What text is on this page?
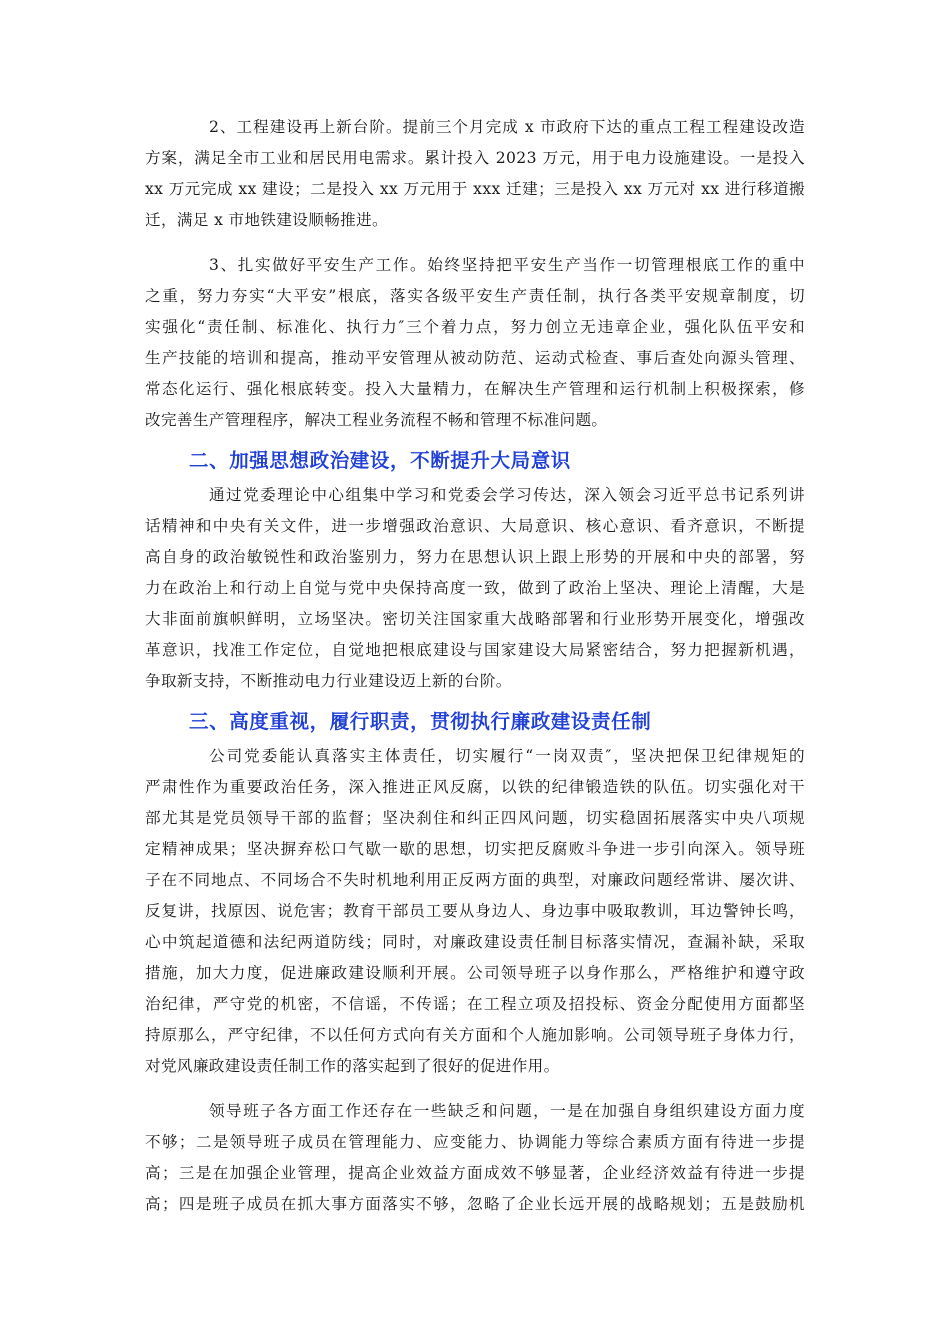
2、工程建设再上新台阶。提前三个月完成 x 市政府下达的重点工程工程建设改造
方案，满足全市工业和居民用电需求。累计投入 2023 万元，用于电力设施建设。一是投入
xx 万元完成 xx 建设；二是投入 xx 万元用于 xxx 迁建；三是投入 xx 万元对 xx 进行移道搬
迁，满足 x 市地铁建设顺畅推进。
3、扎实做好平安生产工作。始终坚持把平安生产当作一切管理根底工作的重中
之重，努力夯实“大平安”根底，落实各级平安生产责任制，执行各类平安规章制度，切
实强化“责任制、标准化、执行力″三个着力点，努力创立无违章企业，强化队伍平安和
生产技能的培训和提高，推动平安管理从被动防范、运动式检查、事后查处向源头管理、
常态化运行、强化根底转变。投入大量精力，在解决生产管理和运行机制上积极探索，修
改完善生产管理程序，解决工程业务流程不畅和管理不标准问题。
二、加强思想政治建设，不断提升大局意识
通过党委理论中心组集中学习和党委会学习传达，深入领会习近平总书记系列讲
话精神和中央有关文件，进一步增强政治意识、大局意识、核心意识、看齐意识，不断提
高自身的政治敏锐性和政治鉴别力，努力在思想认识上跟上形势的开展和中央的部署，努
力在政治上和行动上自觉与党中央保持高度一致，做到了政治上坚决、理论上清醒，大是
大非面前旗帜鲜明，立场坚决。密切关注国家重大战略部署和行业形势开展变化，增强改
革意识，找准工作定位，自觉地把根底建设与国家建设大局紧密结合，努力把握新机遇，
争取新支持，不断推动电力行业建设迈上新的台阶。
三、高度重视，履行职责，贯彻执行廉政建设责任制
公司党委能认真落实主体责任，切实履行“一岗双责″，坚决把保卫纪律规矩的
严肃性作为重要政治任务，深入推进正风反腐，以铁的纪律锻造铁的队伍。切实强化对干
部尤其是党员领导干部的监督；坚决刹住和纠正四风问题，切实稳固拓展落实中央八项规
定精神成果；坚决摒弃松口气歇一歇的思想，切实把反腐败斗争进一步引向深入。领导班
子在不同地点、不同场合不失时机地利用正反两方面的典型，对廉政问题经常讲、屡次讲、
反复讲，找原因、说危害；教育干部员工要从身边人、身边事中吸取教训，耳边警钟长鸣，
心中筑起道德和法纪两道防线；同时，对廉政建设责任制目标落实情况，查漏补缺，采取
措施，加大力度，促进廉政建设顺利开展。公司领导班子以身作那么，严格维护和遵守政
治纪律，严守党的机密，不信谣，不传谣；在工程立项及招投标、资金分配使用方面都坚
持原那么，严守纪律，不以任何方式向有关方面和个人施加影响。公司领导班子身体力行，
对党风廉政建设责任制工作的落实起到了很好的促进作用。
领导班子各方面工作还存在一些缺乏和问题，一是在加强自身组织建设方面力度
不够；二是领导班子成员在管理能力、应变能力、协调能力等综合素质方面有待进一步提
高；三是在加强企业管理，提高企业效益方面成效不够显著，企业经济效益有待进一步提
高；四是班子成员在抓大事方面落实不够，忽略了企业长远开展的战略规划；五是鼓励机
